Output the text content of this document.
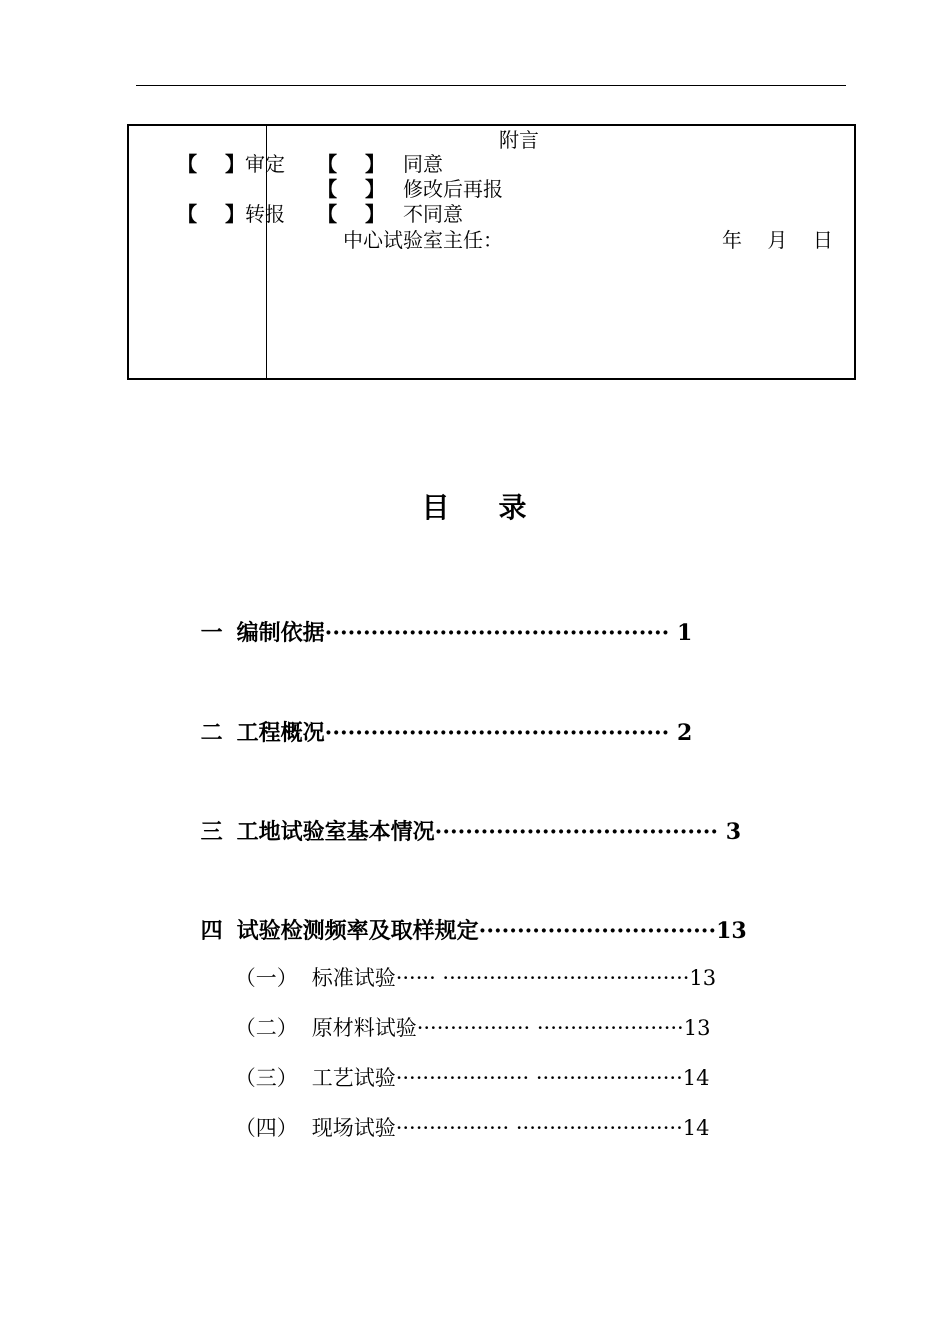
【    】审定

【    】转报

【    】 同意

附言

【    】 修改后再报

【    】 不同意

中心试验室主任：	年    月    日
目    录

一 编制依据············································· 1

二 工程概况············································· 2

三 工地试验室基本情况····································· 3

四 试验检测频率及取样规定·······························13

（一） 标准试验······ ·····································13

（二） 原材料试验················· ······················13

（三） 工艺试验···················· ······················14

（四） 现场试验················· ·························14
